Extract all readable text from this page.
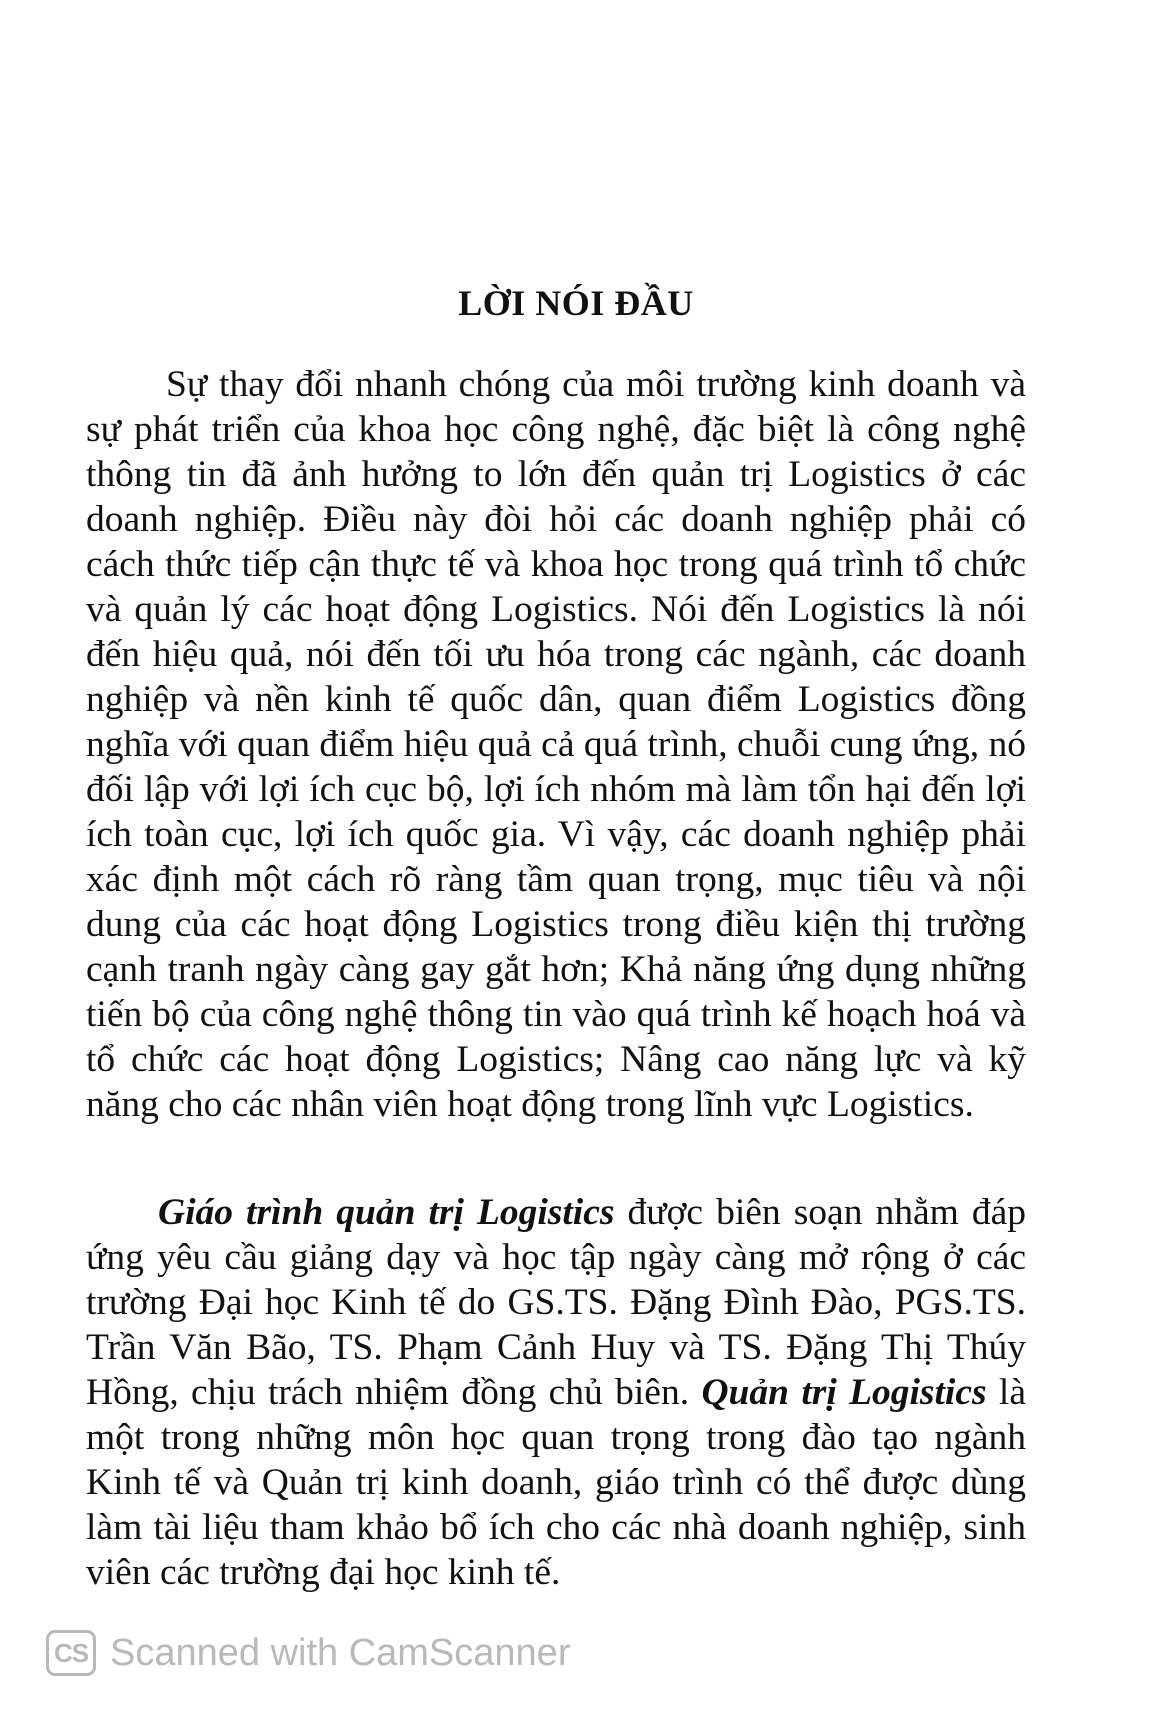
LỜI NÓI ĐẦU

Sự thay đổi nhanh chóng của môi trường kinh doanh và sự phát triển của khoa học công nghệ, đặc biệt là công nghệ thông tin đã ảnh hưởng to lớn đến quản trị Logistics ở các doanh nghiệp. Điều này đòi hỏi các doanh nghiệp phải có cách thức tiếp cận thực tế và khoa học trong quá trình tổ chức và quản lý các hoạt động Logistics. Nói đến Logistics là nói đến hiệu quả, nói đến tối ưu hóa trong các ngành, các doanh nghiệp và nền kinh tế quốc dân, quan điểm Logistics đồng nghĩa với quan điểm hiệu quả cả quá trình, chuỗi cung ứng, nó đối lập với lợi ích cục bộ, lợi ích nhóm mà làm tổn hại đến lợi ích toàn cục, lợi ích quốc gia. Vì vậy, các doanh nghiệp phải xác định một cách rõ ràng tầm quan trọng, mục tiêu và nội dung của các hoạt động Logistics trong điều kiện thị trường cạnh tranh ngày càng gay gắt hơn; Khả năng ứng dụng những tiến bộ của công nghệ thông tin vào quá trình kế hoạch hoá và tổ chức các hoạt động Logistics; Nâng cao năng lực và kỹ năng cho các nhân viên hoạt động trong lĩnh vực Logistics.

Giáo trình quản trị Logistics được biên soạn nhằm đáp ứng yêu cầu giảng dạy và học tập ngày càng mở rộng ở các trường Đại học Kinh tế do GS.TS. Đặng Đình Đào, PGS.TS. Trần Văn Bão, TS. Phạm Cảnh Huy và TS. Đặng Thị Thúy Hồng, chịu trách nhiệm đồng chủ biên. Quản trị Logistics là một trong những môn học quan trọng trong đào tạo ngành Kinh tế và Quản trị kinh doanh, giáo trình có thể được dùng làm tài liệu tham khảo bổ ích cho các nhà doanh nghiệp, sinh viên các trường đại học kinh tế.

CS Scanned with CamScanner
